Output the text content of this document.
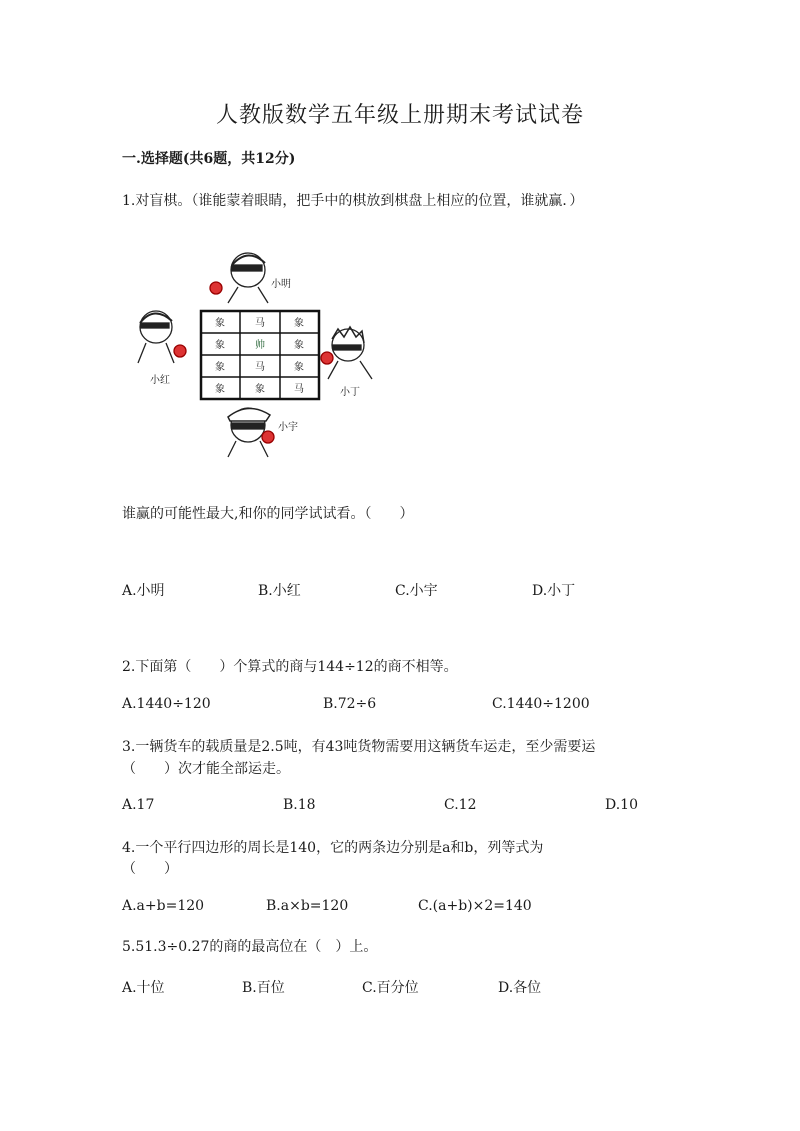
人教版数学五年级上册期末考试试卷
一.选择题(共6题，共12分)
1.对盲棋。（谁能蒙着眼睛，把手中的棋放到棋盘上相应的位置，谁就赢．）
小明
小红
小丁
小宇
象	马	象
象	帅	象
象	马	象
象	象	马
谁赢的可能性最大,和你的同学试试看。（　　）
A.小明	B.小红	C.小宇	D.小丁
2.下面第（　　）个算式的商与144÷12的商不相等。
A.1440÷120	B.72÷6	C.1440÷1200
3.一辆货车的载质量是2.5吨，有43吨货物需要用这辆货车运走，至少需要运
（　　）次才能全部运走。
A.17	B.18	C.12	D.10
4.一个平行四边形的周长是140，它的两条边分别是a和b，列等式为
（　　）
A.a+b=120	B.a×b=120	C.(a+b)×2=140
5.51.3÷0.27的商的最高位在（　）上。
A.十位	B.百位	C.百分位	D.各位
